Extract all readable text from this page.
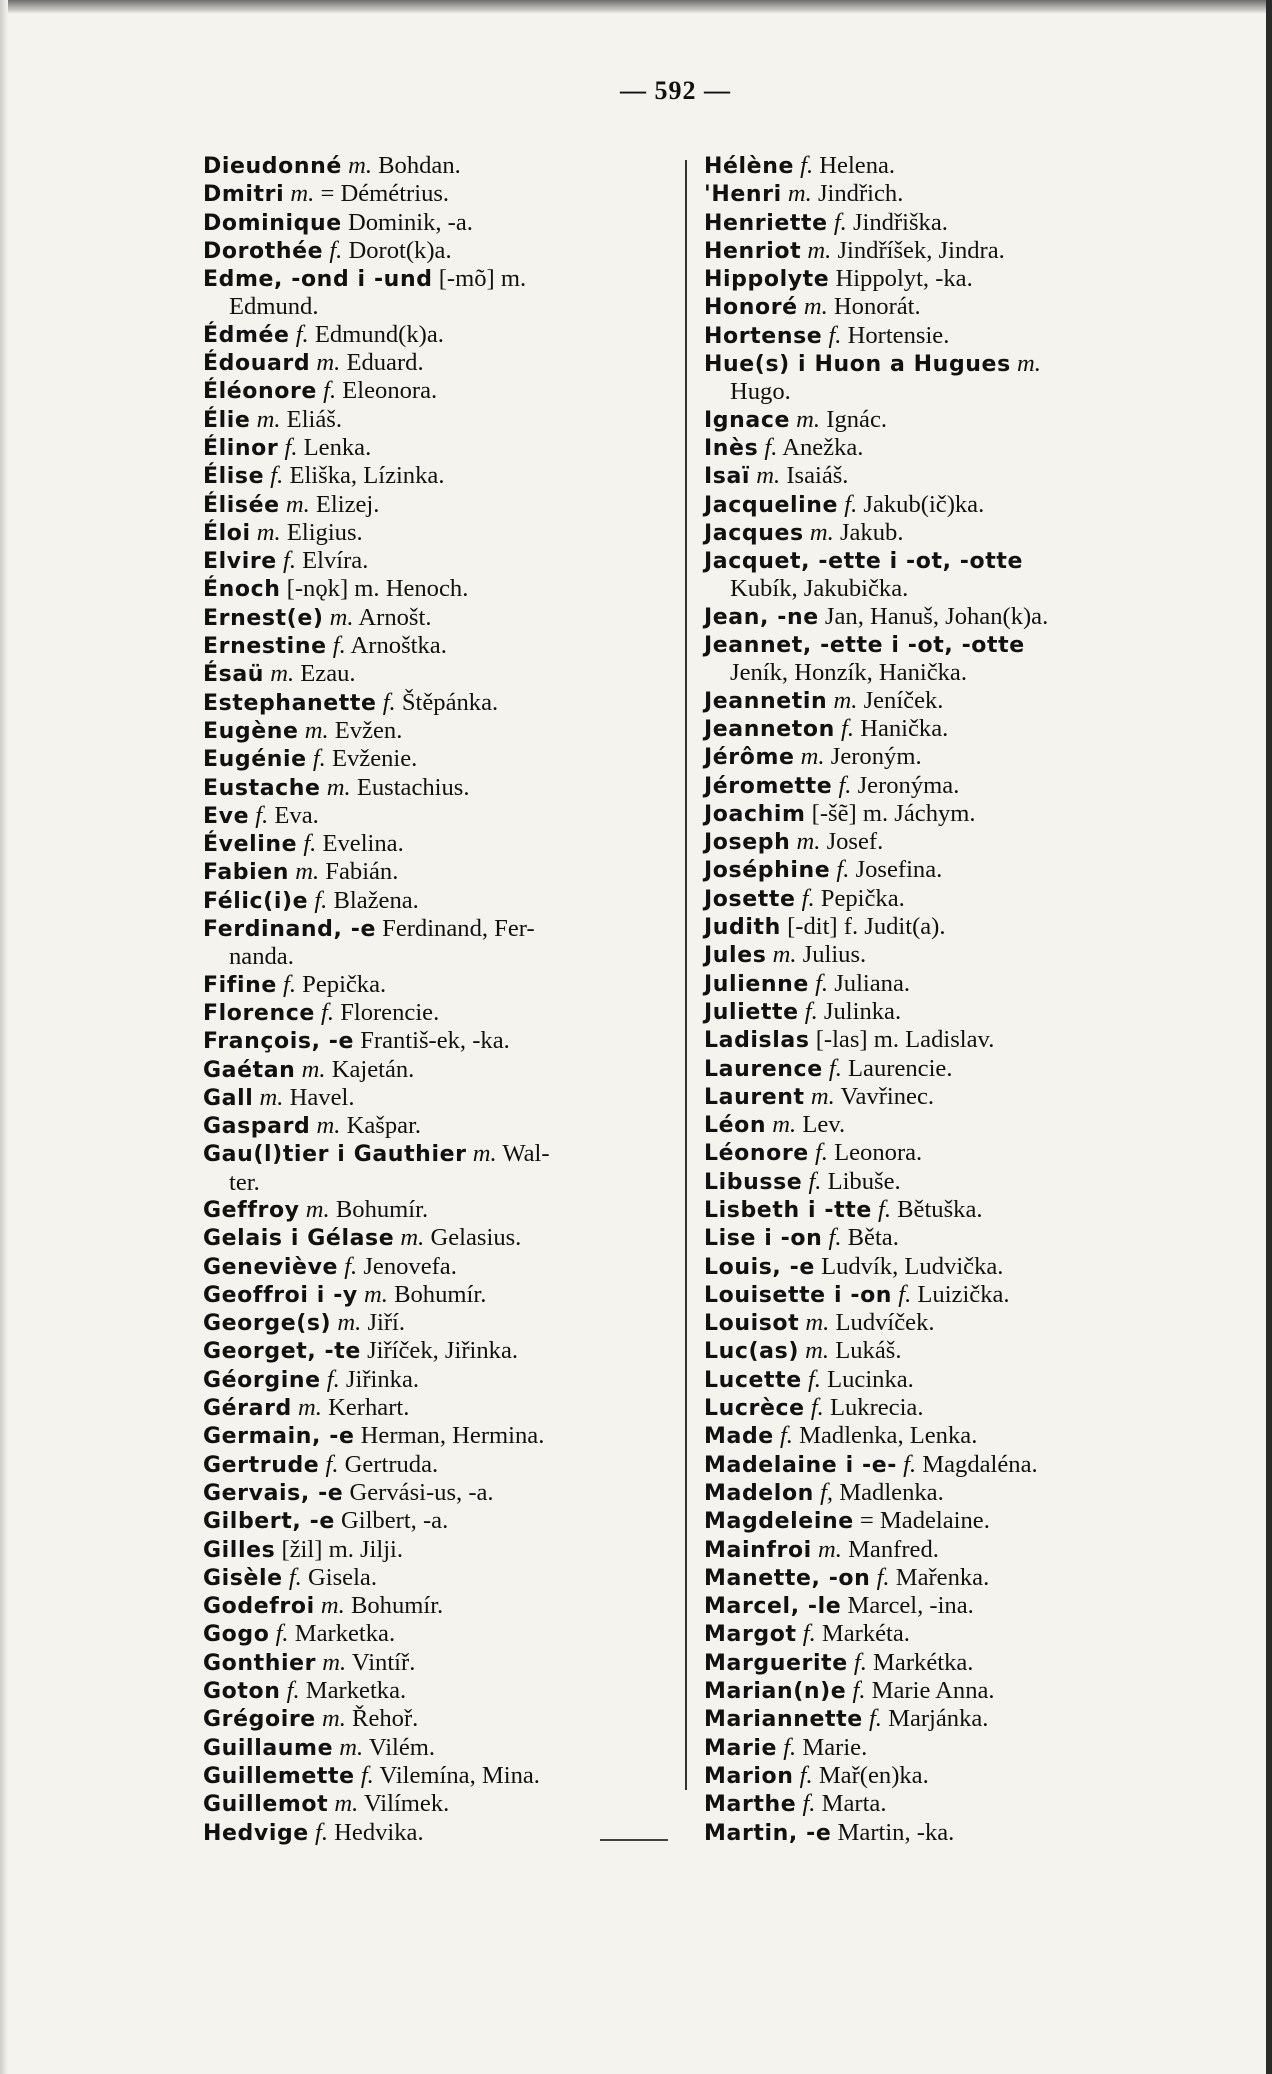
— 592 —
Dieudonné m. Bohdan.
Dmitri m. = Démétrius.
Dominique Dominik, -a.
Dorothée f. Dorot(k)a.
Edme, -ond i -und [-mõ] m.
Edmund.
Édmée f. Edmund(k)a.
Édouard m. Eduard.
Éléonore f. Eleonora.
Élie m. Eliáš.
Élinor f. Lenka.
Élise f. Eliška, Lízinka.
Élisée m. Elizej.
Éloi m. Eligius.
Elvire f. Elvíra.
Énoch [-nǫk] m. Henoch.
Ernest(e) m. Arnošt.
Ernestine f. Arnoštka.
Ésaü m. Ezau.
Estephanette f. Štěpánka.
Eugène m. Evžen.
Eugénie f. Evženie.
Eustache m. Eustachius.
Eve f. Eva.
Éveline f. Evelina.
Fabien m. Fabián.
Félic(i)e f. Blažena.
Ferdinand, -e Ferdinand, Fer-
nanda.
Fifine f. Pepička.
Florence f. Florencie.
François, -e Františ-ek, -ka.
Gaétan m. Kajetán.
Gall m. Havel.
Gaspard m. Kašpar.
Gau(l)tier i Gauthier m. Wal-
ter.
Geffroy m. Bohumír.
Gelais i Gélase m. Gelasius.
Geneviève f. Jenovefa.
Geoffroi i -y m. Bohumír.
George(s) m. Jiří.
Georget, -te Jiříček, Jiřinka.
Géorgine f. Jiřinka.
Gérard m. Kerhart.
Germain, -e Herman, Hermina.
Gertrude f. Gertruda.
Gervais, -e Gervási-us, -a.
Gilbert, -e Gilbert, -a.
Gilles [žil] m. Jilji.
Gisèle f. Gisela.
Godefroi m. Bohumír.
Gogo f. Marketka.
Gonthier m. Vintíř.
Goton f. Marketka.
Grégoire m. Řehoř.
Guillaume m. Vilém.
Guillemette f. Vilemína, Mina.
Guillemot m. Vilímek.
Hedvige f. Hedvika.
Hélène f. Helena.
'Henri m. Jindřich.
Henriette f. Jindřiška.
Henriot m. Jindříšek, Jindra.
Hippolyte Hippolyt, -ka.
Honoré m. Honorát.
Hortense f. Hortensie.
Hue(s) i Huon a Hugues m.
Hugo.
Ignace m. Ignác.
Inès f. Anežka.
Isaï m. Isaiáš.
Jacqueline f. Jakub(ič)ka.
Jacques m. Jakub.
Jacquet, -ette i -ot, -otte
Kubík, Jakubička.
Jean, -ne Jan, Hanuš, Johan(k)a.
Jeannet, -ette i -ot, -otte
Jeník, Honzík, Hanička.
Jeannetin m. Jeníček.
Jeanneton f. Hanička.
Jérôme m. Jeroným.
Jéromette f. Jeronýma.
Joachim [-šẽ] m. Jáchym.
Joseph m. Josef.
Joséphine f. Josefina.
Josette f. Pepička.
Judith [-dit] f. Judit(a).
Jules m. Julius.
Julienne f. Juliana.
Juliette f. Julinka.
Ladislas [-las] m. Ladislav.
Laurence f. Laurencie.
Laurent m. Vavřinec.
Léon m. Lev.
Léonore f. Leonora.
Libusse f. Libuše.
Lisbeth i -tte f. Bětuška.
Lise i -on f. Běta.
Louis, -e Ludvík, Ludvička.
Louisette i -on f. Luizička.
Louisot m. Ludvíček.
Luc(as) m. Lukáš.
Lucette f. Lucinka.
Lucrèce f. Lukrecia.
Made f. Madlenka, Lenka.
Madelaine i -e- f. Magdaléna.
Madelon f, Madlenka.
Magdeleine = Madelaine.
Mainfroi m. Manfred.
Manette, -on f. Mařenka.
Marcel, -le Marcel, -ina.
Margot f. Markéta.
Marguerite f. Markétka.
Marian(n)e f. Marie Anna.
Mariannette f. Marjánka.
Marie f. Marie.
Marion f. Mař(en)ka.
Marthe f. Marta.
Martin, -e Martin, -ka.
